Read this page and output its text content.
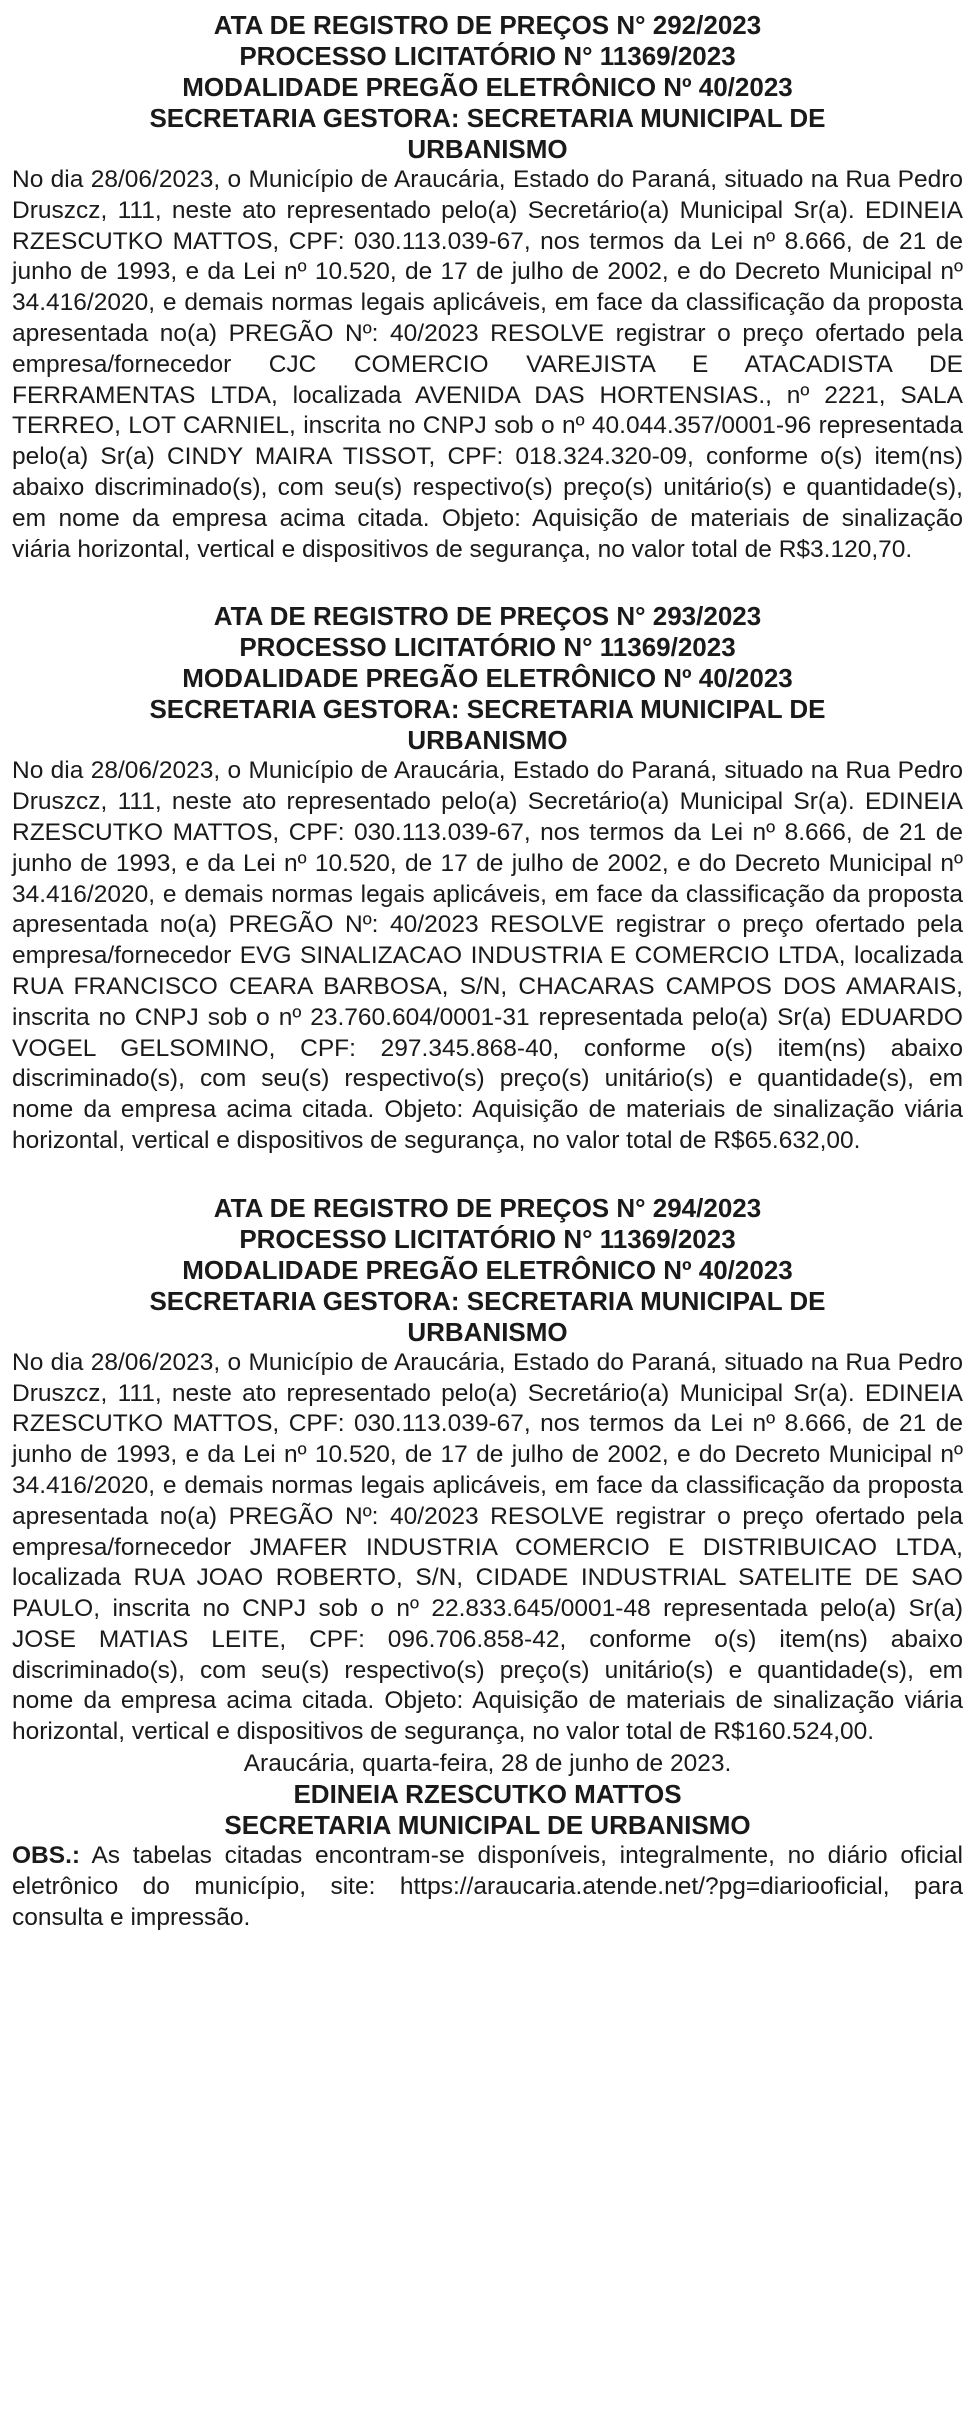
ATA DE REGISTRO DE PREÇOS N° 292/2023

PROCESSO LICITATÓRIO N° 11369/2023

MODALIDADE PREGÃO ELETRÔNICO Nº 40/2023

SECRETARIA GESTORA: SECRETARIA MUNICIPAL DE

URBANISMO

No dia 28/06/2023, o Município de Araucária, Estado do Paraná, situado na Rua Pedro Druszcz, 111, neste ato representado pelo(a) Secretário(a) Municipal Sr(a). EDINEIA RZESCUTKO MATTOS, CPF: 030.113.039-67, nos termos da Lei nº 8.666, de 21 de junho de 1993, e da Lei nº 10.520, de 17 de julho de 2002, e do Decreto Municipal nº 34.416/2020, e demais normas legais aplicáveis, em face da classificação da proposta apresentada no(a) PREGÃO Nº: 40/2023 RESOLVE registrar o preço ofertado pela empresa/fornecedor CJC COMERCIO VAREJISTA E ATACADISTA DE FERRAMENTAS LTDA, localizada AVENIDA DAS HORTENSIAS., nº 2221, SALA TERREO, LOT CARNIEL, inscrita no CNPJ sob o nº 40.044.357/0001-96 representada pelo(a) Sr(a) CINDY MAIRA TISSOT, CPF: 018.324.320-09, conforme o(s) item(ns) abaixo discriminado(s), com seu(s) respectivo(s) preço(s) unitário(s) e quantidade(s), em nome da empresa acima citada. Objeto: Aquisição de materiais de sinalização viária horizontal, vertical e dispositivos de segurança, no valor total de R$3.120,70.

ATA DE REGISTRO DE PREÇOS N° 293/2023

PROCESSO LICITATÓRIO N° 11369/2023

MODALIDADE PREGÃO ELETRÔNICO Nº 40/2023

SECRETARIA GESTORA: SECRETARIA MUNICIPAL DE

URBANISMO

No dia 28/06/2023, o Município de Araucária, Estado do Paraná, situado na Rua Pedro Druszcz, 111, neste ato representado pelo(a) Secretário(a) Municipal Sr(a). EDINEIA RZESCUTKO MATTOS, CPF: 030.113.039-67, nos termos da Lei nº 8.666, de 21 de junho de 1993, e da Lei nº 10.520, de 17 de julho de 2002, e do Decreto Municipal nº 34.416/2020, e demais normas legais aplicáveis, em face da classificação da proposta apresentada no(a) PREGÃO Nº: 40/2023 RESOLVE registrar o preço ofertado pela empresa/fornecedor EVG SINALIZACAO INDUSTRIA E COMERCIO LTDA, localizada RUA FRANCISCO CEARA BARBOSA, S/N, CHACARAS CAMPOS DOS AMARAIS, inscrita no CNPJ sob o nº 23.760.604/0001-31 representada pelo(a) Sr(a) EDUARDO VOGEL GELSOMINO, CPF: 297.345.868-40, conforme o(s) item(ns) abaixo discriminado(s), com seu(s) respectivo(s) preço(s) unitário(s) e quantidade(s), em nome da empresa acima citada. Objeto: Aquisição de materiais de sinalização viária horizontal, vertical e dispositivos de segurança, no valor total de R$65.632,00.

ATA DE REGISTRO DE PREÇOS N° 294/2023

PROCESSO LICITATÓRIO N° 11369/2023

MODALIDADE PREGÃO ELETRÔNICO Nº 40/2023

SECRETARIA GESTORA: SECRETARIA MUNICIPAL DE

URBANISMO

No dia 28/06/2023, o Município de Araucária, Estado do Paraná, situado na Rua Pedro Druszcz, 111, neste ato representado pelo(a) Secretário(a) Municipal Sr(a). EDINEIA RZESCUTKO MATTOS, CPF: 030.113.039-67, nos termos da Lei nº 8.666, de 21 de junho de 1993, e da Lei nº 10.520, de 17 de julho de 2002, e do Decreto Municipal nº 34.416/2020, e demais normas legais aplicáveis, em face da classificação da proposta apresentada no(a) PREGÃO Nº: 40/2023 RESOLVE registrar o preço ofertado pela empresa/fornecedor JMAFER INDUSTRIA COMERCIO E DISTRIBUICAO LTDA, localizada RUA JOAO ROBERTO, S/N, CIDADE INDUSTRIAL SATELITE DE SAO PAULO, inscrita no CNPJ sob o nº 22.833.645/0001-48 representada pelo(a) Sr(a) JOSE MATIAS LEITE, CPF: 096.706.858-42, conforme o(s) item(ns) abaixo discriminado(s), com seu(s) respectivo(s) preço(s) unitário(s) e quantidade(s), em nome da empresa acima citada. Objeto: Aquisição de materiais de sinalização viária horizontal, vertical e dispositivos de segurança, no valor total de R$160.524,00.

Araucária, quarta-feira, 28 de junho de 2023.

EDINEIA RZESCUTKO MATTOS

SECRETARIA MUNICIPAL DE URBANISMO

OBS.: As tabelas citadas encontram-se disponíveis, integralmente, no diário oficial eletrônico do município, site: https://araucaria.atende.net/?pg=diariooficial, para consulta e impressão.
